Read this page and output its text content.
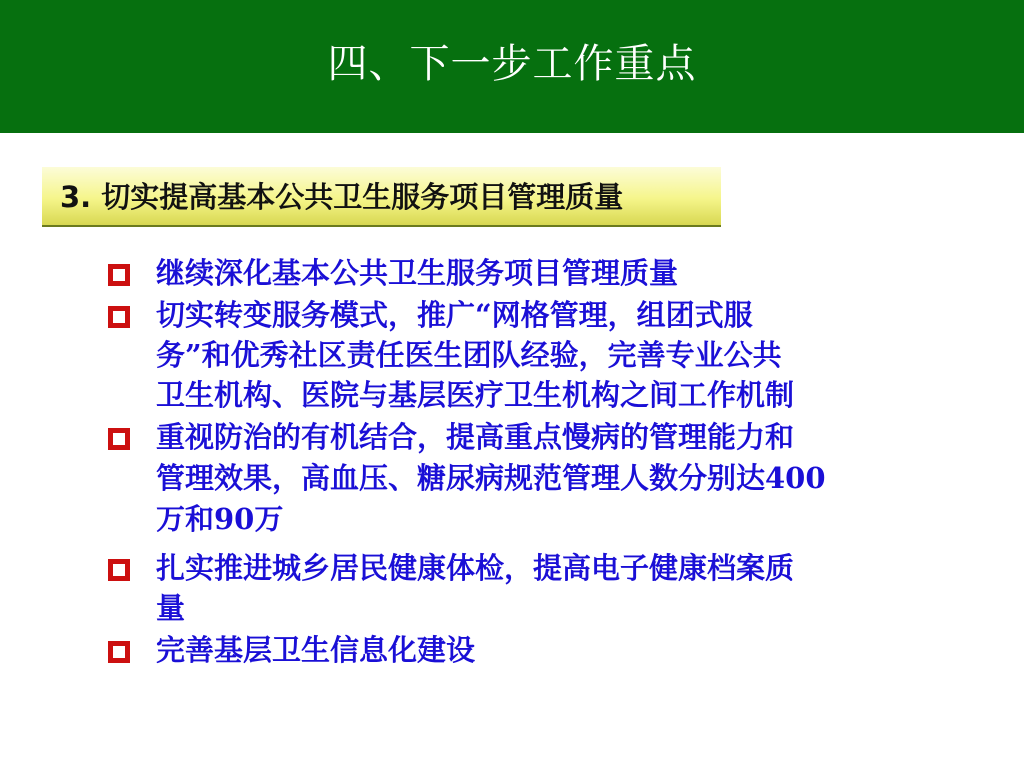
四、下一步工作重点
3. 切实提高基本公共卫生服务项目管理质量
继续深化基本公共卫生服务项目管理质量
切实转变服务模式，推广“网格管理，组团式服
务”和优秀社区责任医生团队经验，完善专业公共
卫生机构、医院与基层医疗卫生机构之间工作机制
重视防治的有机结合，提高重点慢病的管理能力和
管理效果，高血压、糖尿病规范管理人数分别达400
万和90万
扎实推进城乡居民健康体检，提高电子健康档案质
量
完善基层卫生信息化建设
